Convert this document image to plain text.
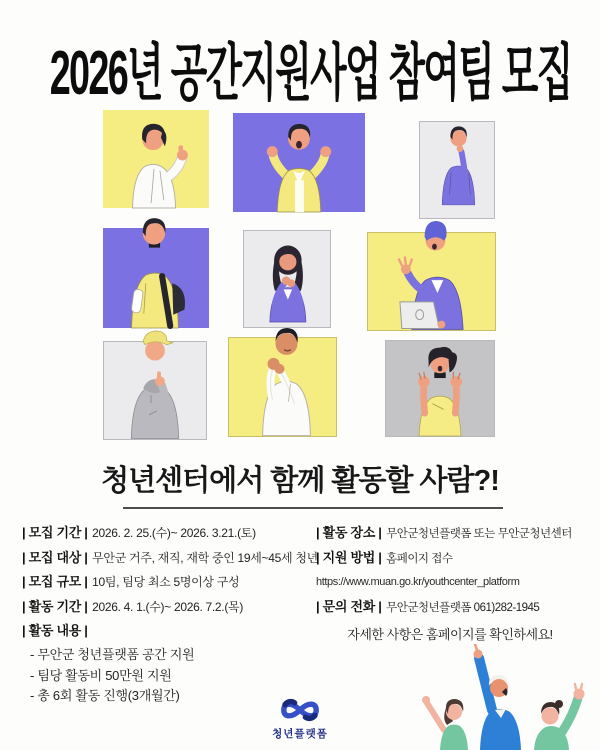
2026년 공간지원사업 참여팀 모집
청년센터에서 함께 활동할 사람?!
| 모집 기간 | 2026. 2. 25.(수)~ 2026. 3.21.(토)
| 모집 대상 | 무안군 거주, 재직, 재학 중인 19세~45세 청년
| 모집 규모 | 10팀, 팀당 최소 5명이상 구성
| 활동 기간 | 2026. 4. 1.(수)~ 2026. 7.2.(목)
| 활동 내용 |
- 무안군 청년플랫폼 공간 지원
- 팀당 활동비 50만원 지원
- 총 6회 활동 진행(3개월간)
| 활동 장소 | 무안군청년플랫폼 또는 무안군청년센터
| 지원 방법 | 홈페이지 접수
https://www.muan.go.kr/youthcenter_platform
| 문의 전화 | 무안군청년플랫폼 061)282-1945
자세한 사항은 홈페이지를 확인하세요!
청년플랫폼
